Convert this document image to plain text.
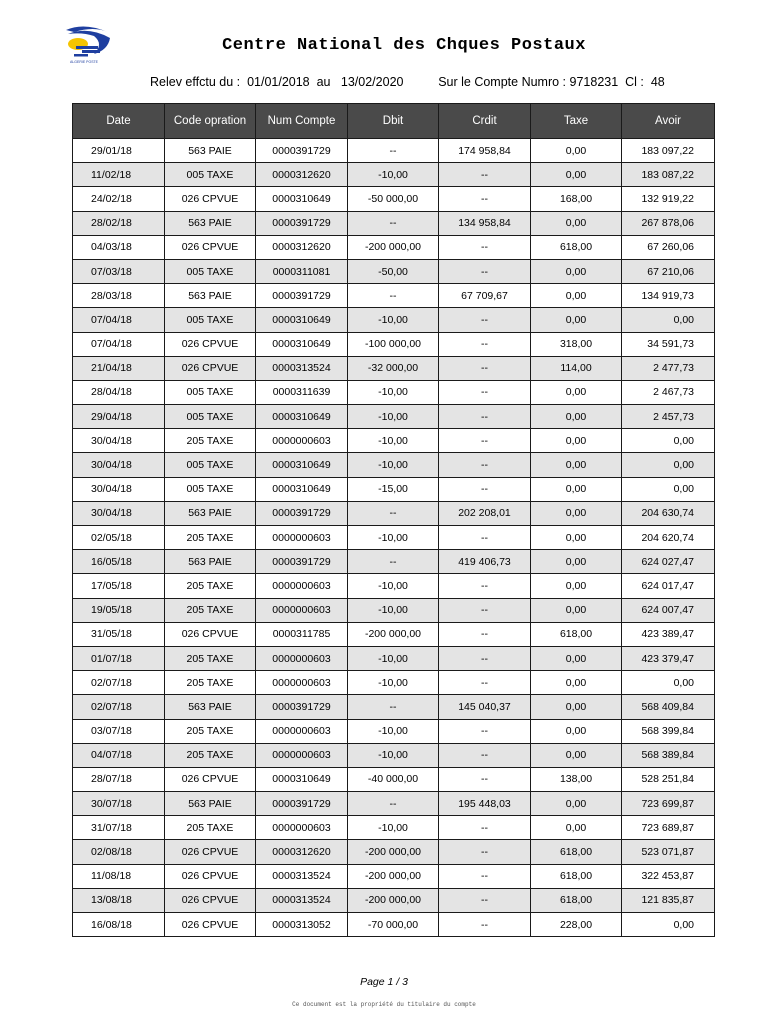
ALGERIE POSTE
Centre National des Chques Postaux
Relev effctu du : 01/01/2018 au 13/02/2020	Sur le Compte Numro : 9718231 Cl : 48
Date	Code opration	Num Compte	Dbit	Crdit	Taxe	Avoir
29/01/18	563 PAIE	0000391729	--	174 958,84	0,00	183 097,22
11/02/18	005 TAXE	0000312620	-10,00	--	0,00	183 087,22
24/02/18	026 CPVUE	0000310649	-50 000,00	--	168,00	132 919,22
28/02/18	563 PAIE	0000391729	--	134 958,84	0,00	267 878,06
04/03/18	026 CPVUE	0000312620	-200 000,00	--	618,00	67 260,06
07/03/18	005 TAXE	0000311081	-50,00	--	0,00	67 210,06
28/03/18	563 PAIE	0000391729	--	67 709,67	0,00	134 919,73
07/04/18	005 TAXE	0000310649	-10,00	--	0,00	0,00
07/04/18	026 CPVUE	0000310649	-100 000,00	--	318,00	34 591,73
21/04/18	026 CPVUE	0000313524	-32 000,00	--	114,00	2 477,73
28/04/18	005 TAXE	0000311639	-10,00	--	0,00	2 467,73
29/04/18	005 TAXE	0000310649	-10,00	--	0,00	2 457,73
30/04/18	205 TAXE	0000000603	-10,00	--	0,00	0,00
30/04/18	005 TAXE	0000310649	-10,00	--	0,00	0,00
30/04/18	005 TAXE	0000310649	-15,00	--	0,00	0,00
30/04/18	563 PAIE	0000391729	--	202 208,01	0,00	204 630,74
02/05/18	205 TAXE	0000000603	-10,00	--	0,00	204 620,74
16/05/18	563 PAIE	0000391729	--	419 406,73	0,00	624 027,47
17/05/18	205 TAXE	0000000603	-10,00	--	0,00	624 017,47
19/05/18	205 TAXE	0000000603	-10,00	--	0,00	624 007,47
31/05/18	026 CPVUE	0000311785	-200 000,00	--	618,00	423 389,47
01/07/18	205 TAXE	0000000603	-10,00	--	0,00	423 379,47
02/07/18	205 TAXE	0000000603	-10,00	--	0,00	0,00
02/07/18	563 PAIE	0000391729	--	145 040,37	0,00	568 409,84
03/07/18	205 TAXE	0000000603	-10,00	--	0,00	568 399,84
04/07/18	205 TAXE	0000000603	-10,00	--	0,00	568 389,84
28/07/18	026 CPVUE	0000310649	-40 000,00	--	138,00	528 251,84
30/07/18	563 PAIE	0000391729	--	195 448,03	0,00	723 699,87
31/07/18	205 TAXE	0000000603	-10,00	--	0,00	723 689,87
02/08/18	026 CPVUE	0000312620	-200 000,00	--	618,00	523 071,87
11/08/18	026 CPVUE	0000313524	-200 000,00	--	618,00	322 453,87
13/08/18	026 CPVUE	0000313524	-200 000,00	--	618,00	121 835,87
16/08/18	026 CPVUE	0000313052	-70 000,00	--	228,00	0,00
Page 1 / 3
Ce document est la propriété du titulaire du compte
